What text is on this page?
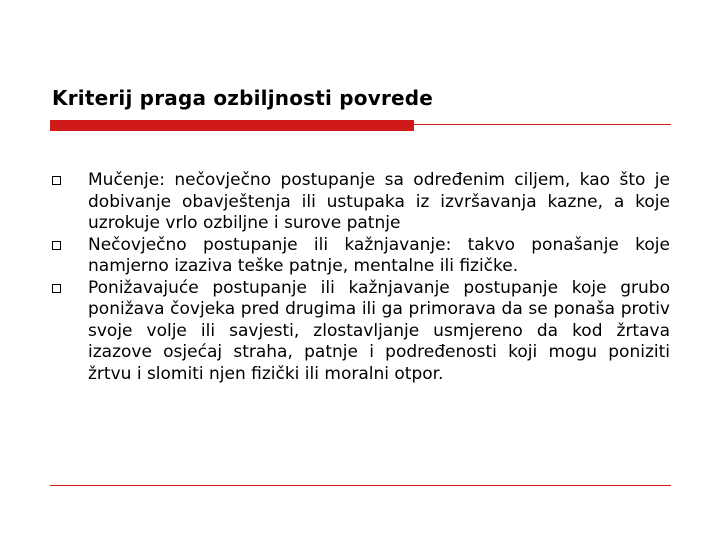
Kriterij praga ozbiljnosti povrede
Mučenje: nečovječno postupanje sa određenim ciljem, kao što je dobivanje obavještenja ili ustupaka iz izvršavanja kazne, a koje uzrokuje vrlo ozbiljne i surove patnje
Nečovječno postupanje ili kažnjavanje: takvo ponašanje koje namjerno izaziva teške patnje, mentalne ili fizičke.
Ponižavajuće postupanje ili kažnjavanje postupanje koje grubo ponižava čovjeka pred drugima ili ga primorava da se ponaša protiv svoje volje ili savjesti, zlostavljanje usmjereno da kod žrtava izazove osjećaj straha, patnje i podređenosti koji mogu poniziti žrtvu i slomiti njen fizički ili moralni otpor.
